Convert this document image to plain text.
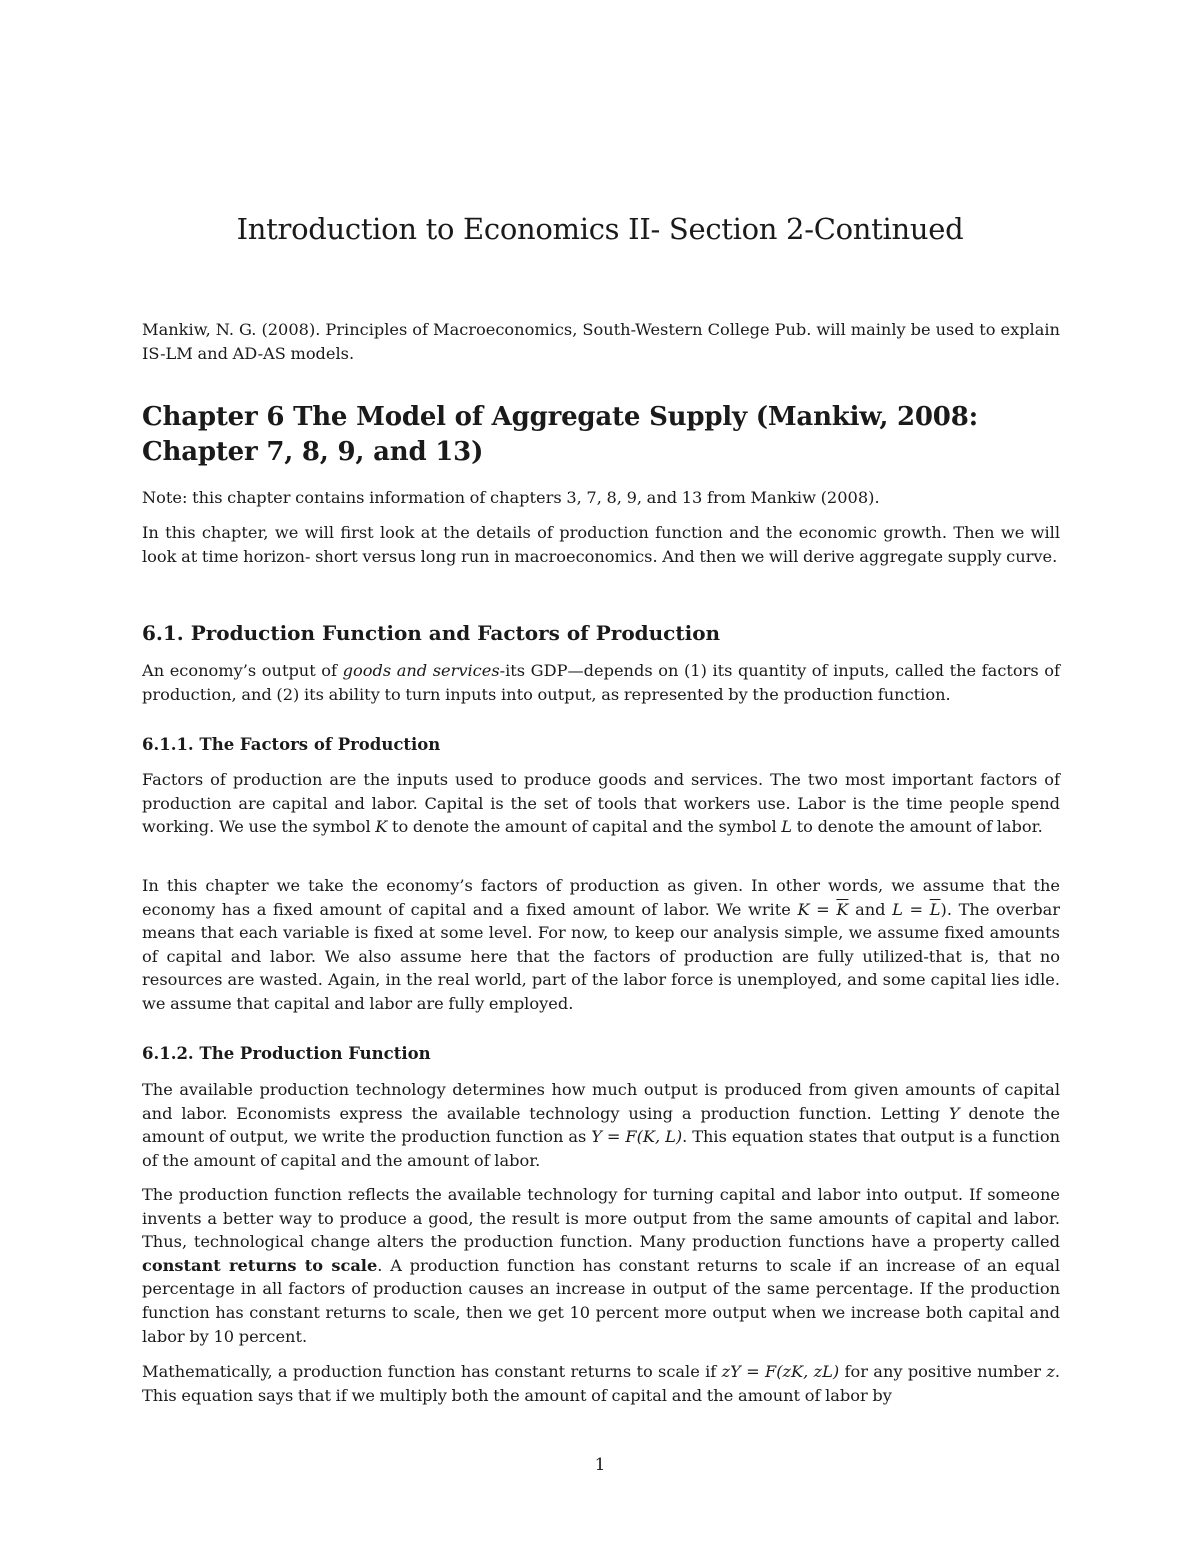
Introduction to Economics II- Section 2-Continued

Mankiw, N. G. (2008). Principles of Macroeconomics, South-Western College Pub. will mainly be used to explain IS-LM and AD-AS models.

Chapter 6 The Model of Aggregate Supply (Mankiw, 2008: Chapter 7, 8, 9, and 13)

Note: this chapter contains information of chapters 3, 7, 8, 9, and 13 from Mankiw (2008).

In this chapter, we will first look at the details of production function and the economic growth. Then we will look at time horizon- short versus long run in macroeconomics. And then we will derive aggregate supply curve.

6.1. Production Function and Factors of Production

An economy’s output of goods and services-its GDP—depends on (1) its quantity of inputs, called the factors of production, and (2) its ability to turn inputs into output, as represented by the production function.

6.1.1. The Factors of Production

Factors of production are the inputs used to produce goods and services. The two most important factors of production are capital and labor. Capital is the set of tools that workers use. Labor is the time people spend working. We use the symbol K to denote the amount of capital and the symbol L to denote the amount of labor.

In this chapter we take the economy’s factors of production as given. In other words, we assume that the economy has a fixed amount of capital and a fixed amount of labor. We write $K = \overline{K}$ and $L = \overline{L}$). The overbar means that each variable is fixed at some level. For now, to keep our analysis simple, we assume fixed amounts of capital and labor. We also assume here that the factors of production are fully utilized-that is, that no resources are wasted. Again, in the real world, part of the labor force is unemployed, and some capital lies idle. we assume that capital and labor are fully employed.

6.1.2. The Production Function

The available production technology determines how much output is produced from given amounts of capital and labor. Economists express the available technology using a production function. Letting Y denote the amount of output, we write the production function as Y = F(K, L). This equation states that output is a function of the amount of capital and the amount of labor.

The production function reflects the available technology for turning capital and labor into output. If someone invents a better way to produce a good, the result is more output from the same amounts of capital and labor. Thus, technological change alters the production function. Many production functions have a property called constant returns to scale. A production function has constant returns to scale if an increase of an equal percentage in all factors of production causes an increase in output of the same percentage. If the production function has constant returns to scale, then we get 10 percent more output when we increase both capital and labor by 10 percent.

Mathematically, a production function has constant returns to scale if zY = F(zK, zL) for any positive number z. This equation says that if we multiply both the amount of capital and the amount of labor by

1
